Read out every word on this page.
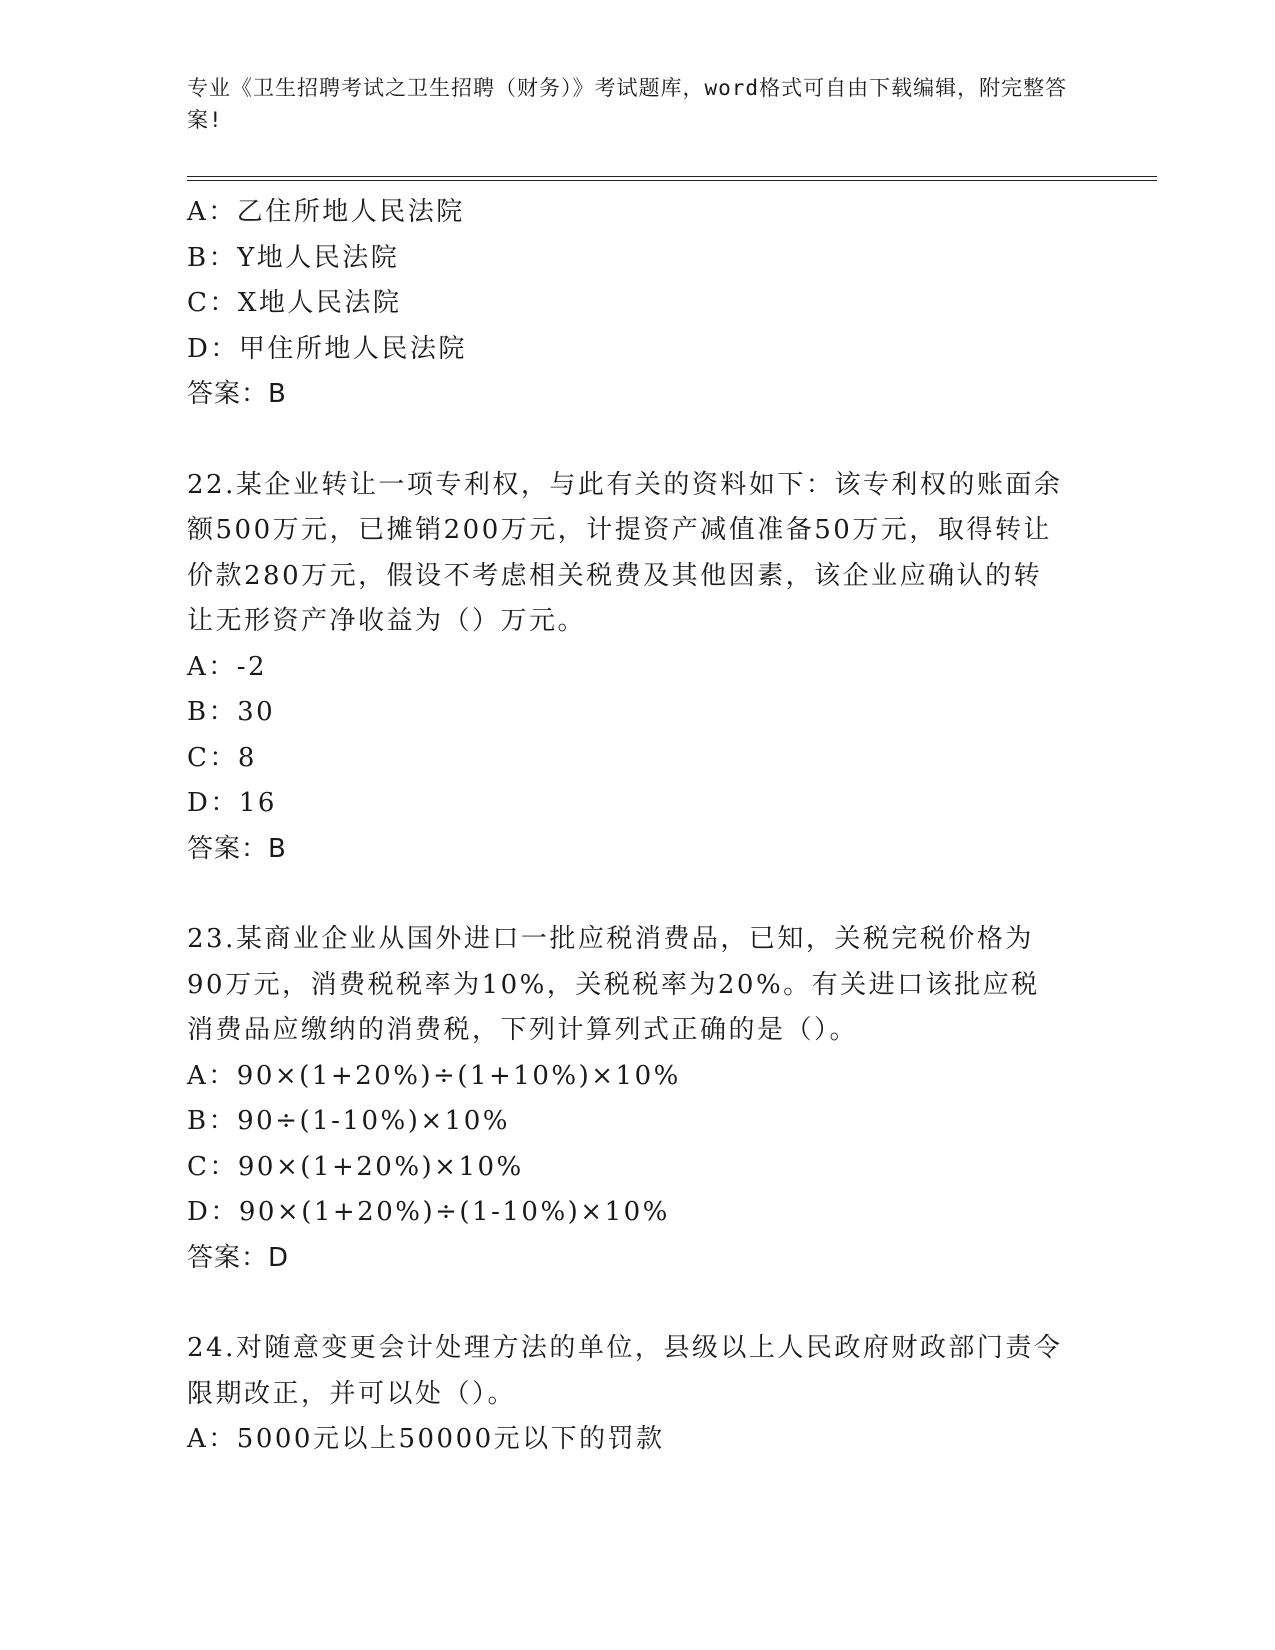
专业《卫生招聘考试之卫生招聘（财务）》考试题库，word格式可自由下载编辑，附完整答案!
A：乙住所地人民法院
B：Y地人民法院
C：X地人民法院
D：甲住所地人民法院
答案：B
22.某企业转让一项专利权，与此有关的资料如下：该专利权的账面余额500万元，已摊销200万元，计提资产减值准备50万元，取得转让价款280万元，假设不考虑相关税费及其他因素，该企业应确认的转让无形资产净收益为（）万元。
A：-2
B：30
C：8
D：16
答案：B
23.某商业企业从国外进口一批应税消费品，已知，关税完税价格为90万元，消费税税率为10%，关税税率为20%。有关进口该批应税消费品应缴纳的消费税，下列计算列式正确的是（）。
A：90×(1+20%)÷(1+10%)×10%
B：90÷(1-10%)×10%
C：90×(1+20%)×10%
D：90×(1+20%)÷(1-10%)×10%
答案：D
24.对随意变更会计处理方法的单位，县级以上人民政府财政部门责令限期改正，并可以处（）。
A：5000元以上50000元以下的罚款
